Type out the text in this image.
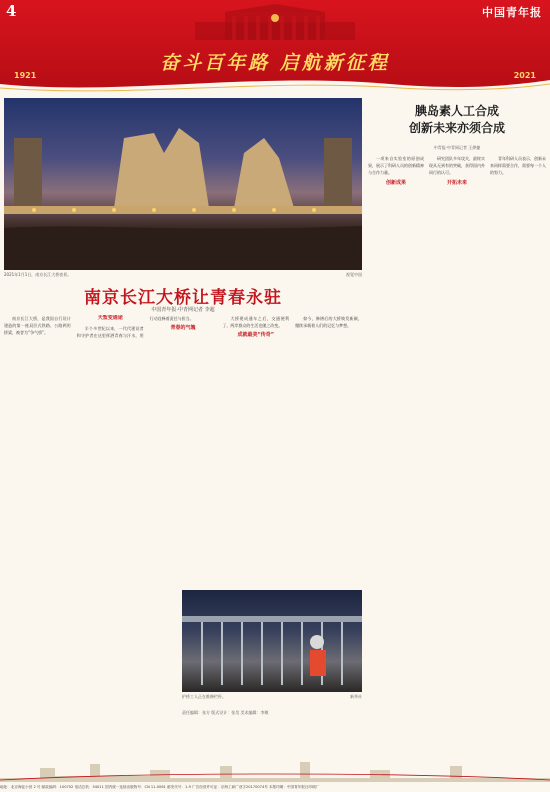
4	中国青年报
1921	2021
奋斗百年路 启航新征程
2021年1月1日，南京长江大桥夜景。	视觉中国
南京长江大桥让青春永驻
中国青年报·中青网记者 李超

南京长江大桥，是我国自行设计建造的第一座双层式铁路、公路两用桥梁，被誉为“争气桥”。

天堑变通途

半个多世纪以来，一代代建设者和守护者在这里挥洒青春与汗水，用行动诠释着责任与担当。

青春的气魄

大桥建成通车之后，交通便利了，两岸群众的生活也随之改变。

成就最美“传奇”

如今，修缮后的大桥焕发新颜，继续承载着人们的记忆与梦想。

腆岛素人工合成
创新未来亦须合成
中青报·中青网记者 王烨捷

一项来自实验室的原创成果，展示了科研人员的创新精神与合作力量。

创新成果

研究团队多年攻关，最终实现从无到有的突破，获得国内外同行的认可。

开拓未来

青年科研人员表示，创新未来同样需要合作，需要每一个人的努力。

护桥工人正在维修栏杆。	新华社
责任编辑：张方 版式设计：张昊 美术编辑：李敏
地址：北京海淀小营 2 号 邮政编码：100702 电话总机：54011 国内统一连续出版物号：CN 11-0061 邮发代号：1-9 广告经营许可证：京海工商广登字20170074号 本报印刷：中国青年报社印刷厂
